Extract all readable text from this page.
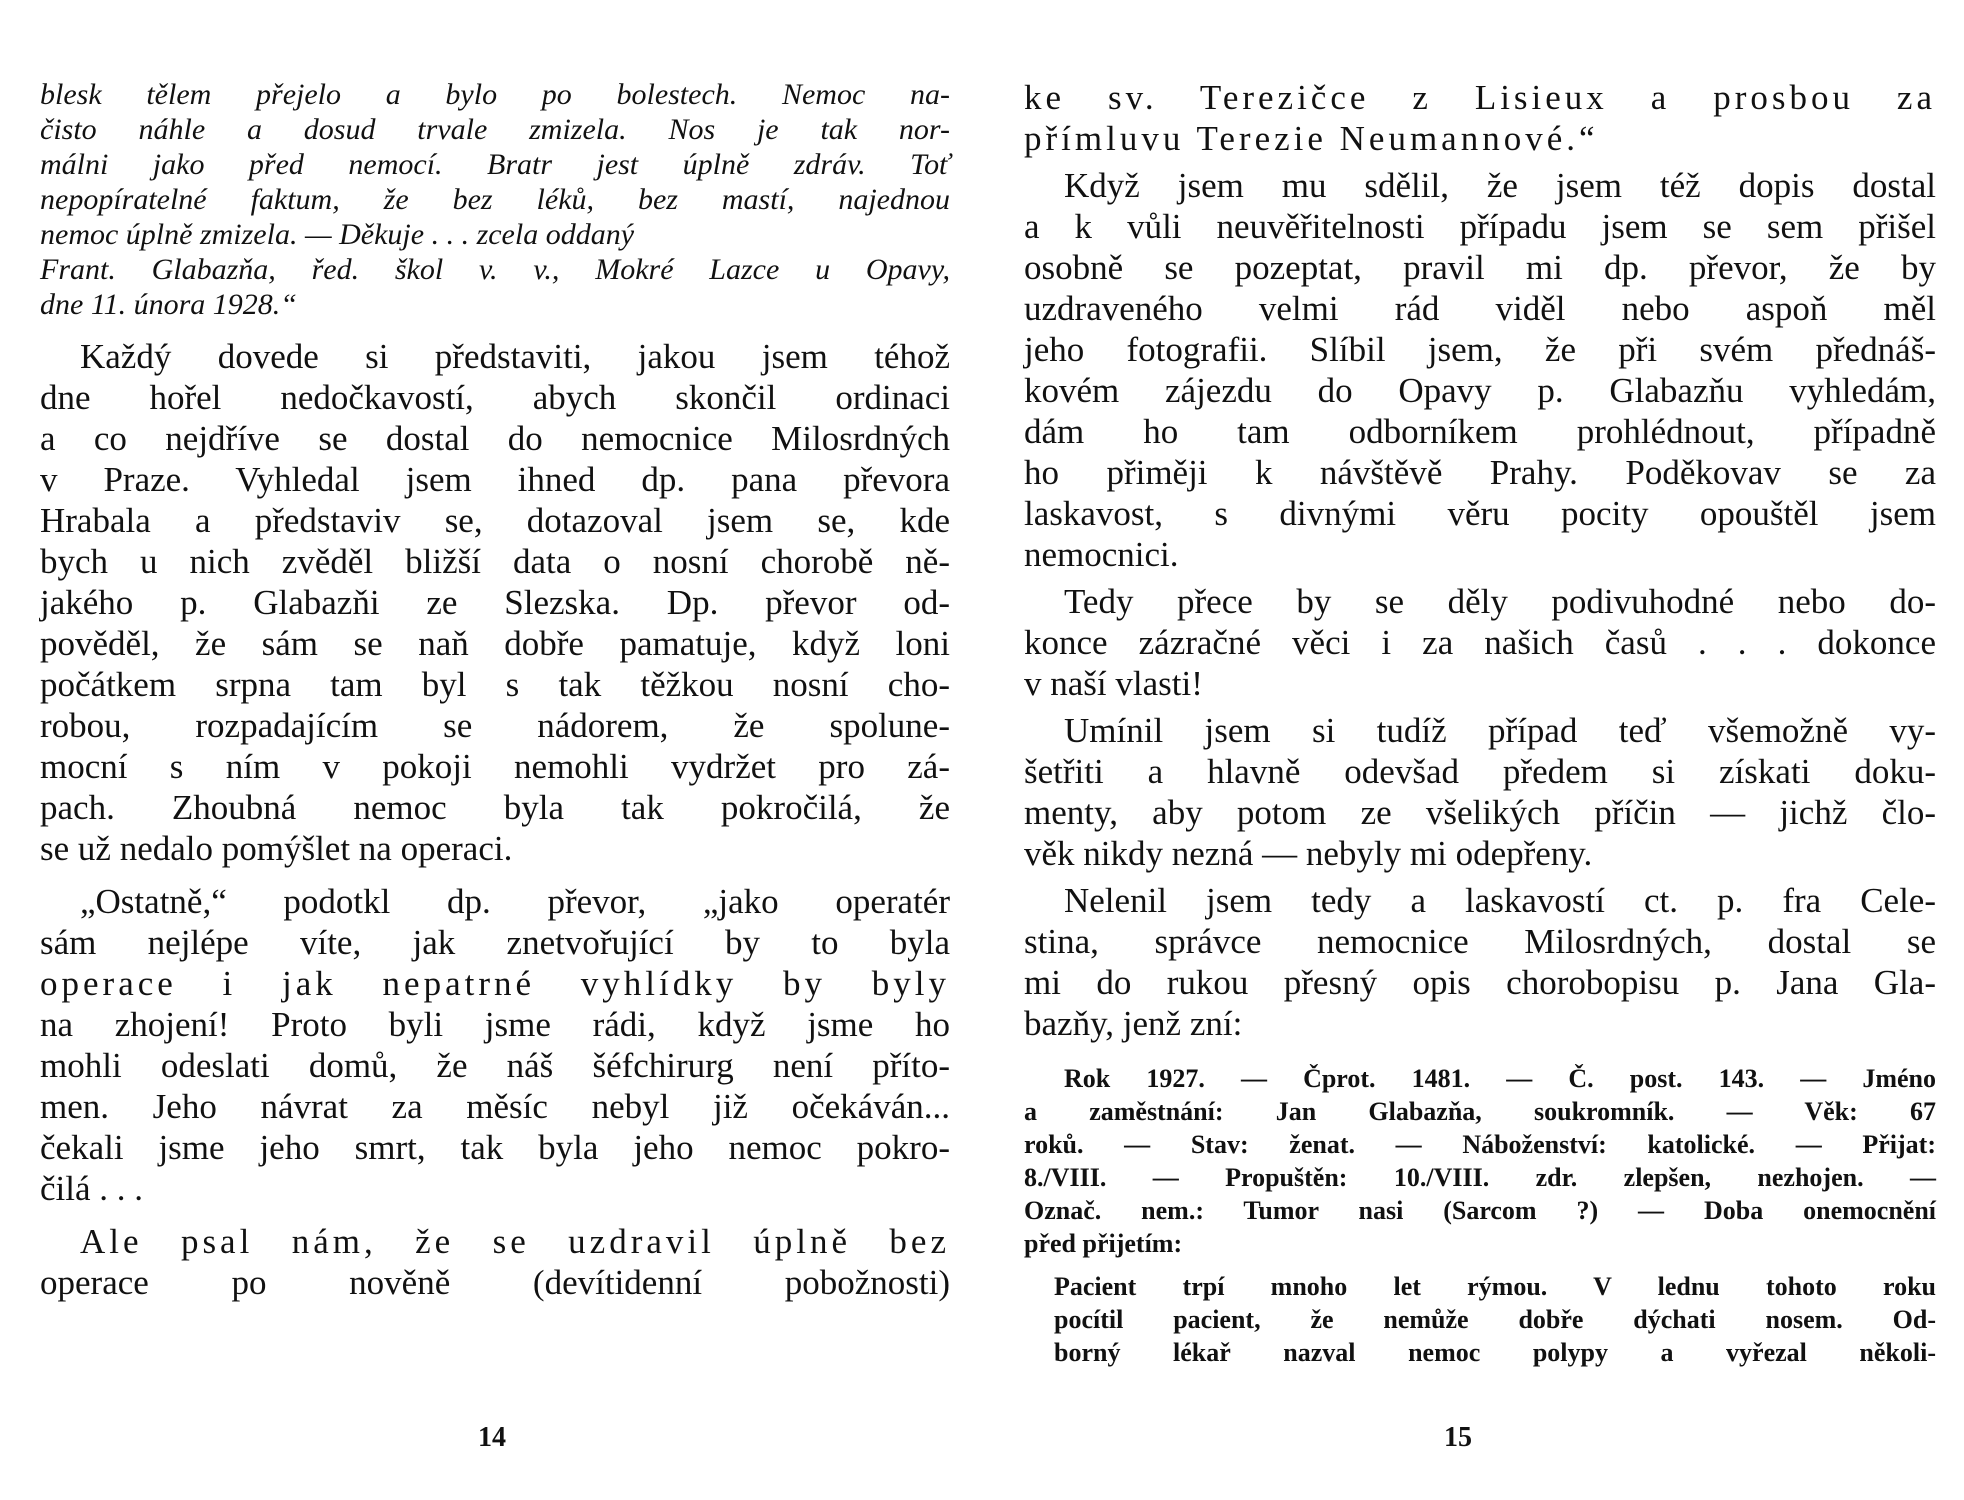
blesk tělem přejelo a bylo po bolestech. Nemoc na-

čisto náhle a dosud trvale zmizela. Nos je tak nor-

málni jako před nemocí. Bratr jest úplně zdráv. Toť

nepopíratelné faktum, že bez léků, bez mastí, najednou

nemoc úplně zmizela. — Děkuje . . . zcela oddaný

Frant. Glabazňa, řed. škol v. v., Mokré Lazce u Opavy,

dne 11. února 1928.“

Každý dovede si představiti, jakou jsem téhož

dne hořel nedočkavostí, abych skončil ordinaci

a co nejdříve se dostal do nemocnice Milosrdných

v Praze. Vyhledal jsem ihned dp. pana převora

Hrabala a představiv se, dotazoval jsem se, kde

bych u nich zvěděl bližší data o nosní chorobě ně-

jakého p. Glabazňi ze Slezska. Dp. převor od-

pověděl, že sám se naň dobře pamatuje, když loni

počátkem srpna tam byl s tak těžkou nosní cho-

robou, rozpadajícím se nádorem, že spolune-

mocní s ním v pokoji nemohli vydržet pro zá-

pach. Zhoubná nemoc byla tak pokročilá, že

se už nedalo pomýšlet na operaci.

„Ostatně,“ podotkl dp. převor, „jako operatér

sám nejlépe víte, jak znetvořující by to byla

operace i jak nepatrné vyhlídky by byly

na zhojení! Proto byli jsme rádi, když jsme ho

mohli odeslati domů, že náš šéfchirurg není přítо-

men. Jeho návrat za měsíc nebyl již očekáván...

čekali jsme jeho smrt, tak byla jeho nemoc pokro-

čilá . . .

Ale psal nám, že se uzdravil úplně bez

operace po nověně (devítidenní pobožnosti)

14

ke sv. Terezičce z Lisieux a prosbou za

přímluvu Terezie Neumannové.“

Když jsem mu sdělil, že jsem též dopis dostal

a k vůli neuvěřitelnosti případu jsem se sem přišel

osobně se pozeptat, pravil mi dp. převor, že by

uzdraveného velmi rád viděl nebo aspoň měl

jeho fotografii. Slíbil jsem, že při svém přednáš-

kovém zájezdu do Opavy p. Glabazňu vyhledám,

dám ho tam odborníkem prohlédnout, případně

ho přiměji k návštěvě Prahy. Poděkovav se za

laskavost, s divnými věru pocity opouštěl jsem

nemocnici.

Tedy přece by se děly podivuhodné nebo do-

konce zázračné věci i za našich časů . . . dokonce

v naší vlasti!

Umínil jsem si tudíž případ teď všemožně vy-

šetřiti a hlavně odevšad předem si získati doku-

menty, aby potom ze všelikých příčin — jichž člo-

věk nikdy nezná — nebyly mi odepřeny.

Nelenil jsem tedy a laskavostí ct. p. fra Cele-

stina, správce nemocnice Milosrdných, dostal se

mi do rukou přesný opis chorobopisu p. Jana Gla-

bazňy, jenž zní:

Rok 1927. — Čprot. 1481. — Č. post. 143. — Jméno

a zaměstnání: Jan Glabazňa, soukromník. — Věk: 67

roků. — Stav: ženat. — Náboženství: katolické. — Přijat:

8./VIII. — Propuštěn: 10./VIII. zdr. zlepšen, nezhojen. —

Označ. nem.: Tumor nasi (Sarcom ?) — Doba onemocnění

před přijetím:

Pacient trpí mnoho let rýmou. V lednu tohoto roku

pocítil pacient, že nemůže dobře dýchati nosem. Od-

borný lékař nazval nemoc polypy a vyřezal několi-

15
